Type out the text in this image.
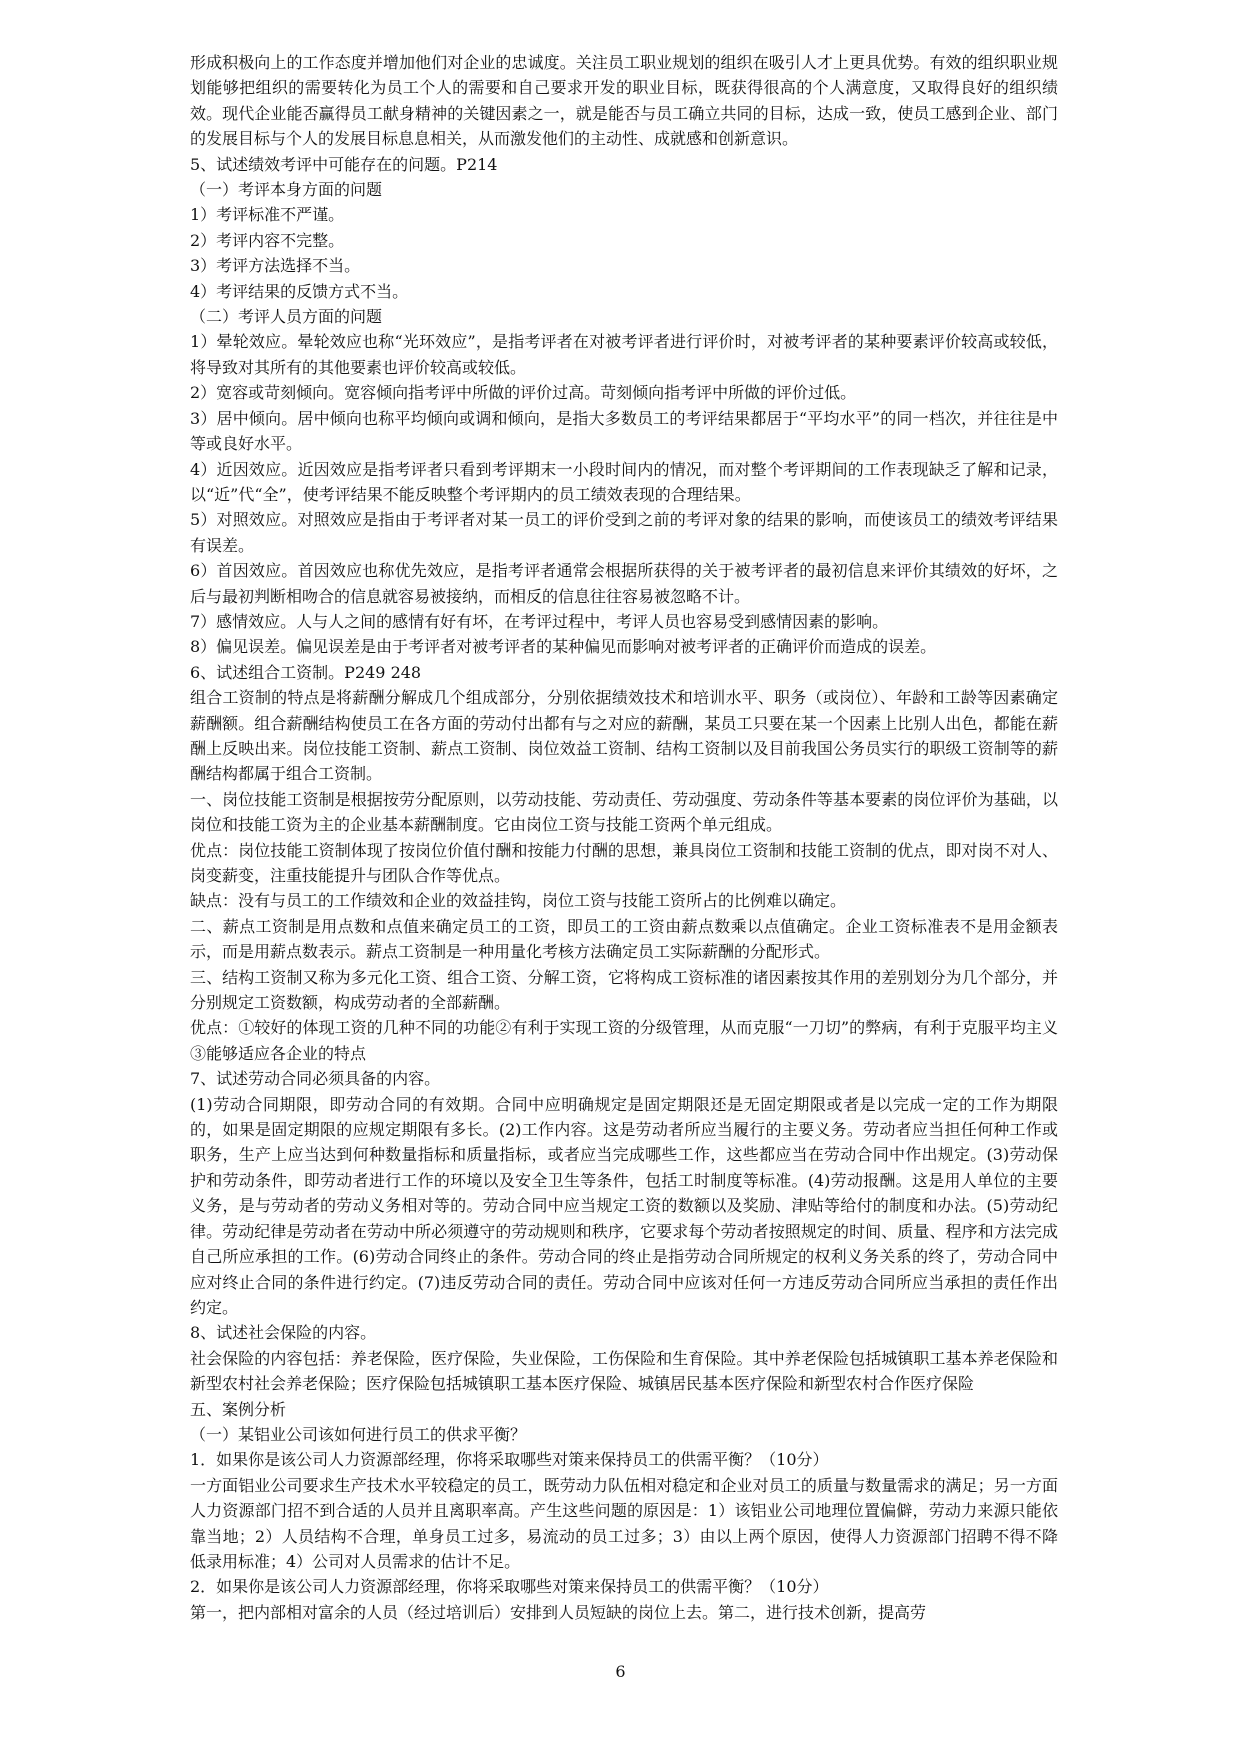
形成积极向上的工作态度并增加他们对企业的忠诚度。关注员工职业规划的组织在吸引人才上更具优势。有效的组织职业规划能够把组织的需要转化为员工个人的需要和自己要求开发的职业目标，既获得很高的个人满意度，又取得良好的组织绩效。现代企业能否赢得员工献身精神的关键因素之一，就是能否与员工确立共同的目标，达成一致，使员工感到企业、部门的发展目标与个人的发展目标息息相关，从而激发他们的主动性、成就感和创新意识。

5、试述绩效考评中可能存在的问题。P214

（一）考评本身方面的问题

1）考评标准不严谨。

2）考评内容不完整。

3）考评方法选择不当。

4）考评结果的反馈方式不当。

（二）考评人员方面的问题

1）晕轮效应。晕轮效应也称“光环效应”，是指考评者在对被考评者进行评价时，对被考评者的某种要素评价较高或较低，将导致对其所有的其他要素也评价较高或较低。

2）宽容或苛刻倾向。宽容倾向指考评中所做的评价过高。苛刻倾向指考评中所做的评价过低。

3）居中倾向。居中倾向也称平均倾向或调和倾向，是指大多数员工的考评结果都居于“平均水平”的同一档次，并往往是中等或良好水平。

4）近因效应。近因效应是指考评者只看到考评期末一小段时间内的情况，而对整个考评期间的工作表现缺乏了解和记录，以“近”代“全”，使考评结果不能反映整个考评期内的员工绩效表现的合理结果。

5）对照效应。对照效应是指由于考评者对某一员工的评价受到之前的考评对象的结果的影响，而使该员工的绩效考评结果有误差。

6）首因效应。首因效应也称优先效应，是指考评者通常会根据所获得的关于被考评者的最初信息来评价其绩效的好坏，之后与最初判断相吻合的信息就容易被接纳，而相反的信息往往容易被忽略不计。

7）感情效应。人与人之间的感情有好有坏，在考评过程中，考评人员也容易受到感情因素的影响。

8）偏见误差。偏见误差是由于考评者对被考评者的某种偏见而影响对被考评者的正确评价而造成的误差。

6、试述组合工资制。P249 248

组合工资制的特点是将薪酬分解成几个组成部分，分别依据绩效技术和培训水平、职务（或岗位）、年龄和工龄等因素确定薪酬额。组合薪酬结构使员工在各方面的劳动付出都有与之对应的薪酬，某员工只要在某一个因素上比别人出色，都能在薪酬上反映出来。岗位技能工资制、薪点工资制、岗位效益工资制、结构工资制以及目前我国公务员实行的职级工资制等的薪酬结构都属于组合工资制。

一、岗位技能工资制是根据按劳分配原则，以劳动技能、劳动责任、劳动强度、劳动条件等基本要素的岗位评价为基础，以岗位和技能工资为主的企业基本薪酬制度。它由岗位工资与技能工资两个单元组成。

优点：岗位技能工资制体现了按岗位价值付酬和按能力付酬的思想，兼具岗位工资制和技能工资制的优点，即对岗不对人、岗变薪变，注重技能提升与团队合作等优点。

缺点：没有与员工的工作绩效和企业的效益挂钩，岗位工资与技能工资所占的比例难以确定。

二、薪点工资制是用点数和点值来确定员工的工资，即员工的工资由薪点数乘以点值确定。企业工资标准表不是用金额表示，而是用薪点数表示。薪点工资制是一种用量化考核方法确定员工实际薪酬的分配形式。

三、结构工资制又称为多元化工资、组合工资、分解工资，它将构成工资标准的诸因素按其作用的差别划分为几个部分，并分别规定工资数额，构成劳动者的全部薪酬。

优点：①较好的体现工资的几种不同的功能②有利于实现工资的分级管理，从而克服“一刀切”的弊病，有利于克服平均主义③能够适应各企业的特点

7、试述劳动合同必须具备的内容。

(1)劳动合同期限，即劳动合同的有效期。合同中应明确规定是固定期限还是无固定期限或者是以完成一定的工作为期限的，如果是固定期限的应规定期限有多长。(2)工作内容。这是劳动者所应当履行的主要义务。劳动者应当担任何种工作或职务，生产上应当达到何种数量指标和质量指标，或者应当完成哪些工作，这些都应当在劳动合同中作出规定。(3)劳动保护和劳动条件，即劳动者进行工作的环境以及安全卫生等条件，包括工时制度等标准。(4)劳动报酬。这是用人单位的主要义务，是与劳动者的劳动义务相对等的。劳动合同中应当规定工资的数额以及奖励、津贴等给付的制度和办法。(5)劳动纪律。劳动纪律是劳动者在劳动中所必须遵守的劳动规则和秩序，它要求每个劳动者按照规定的时间、质量、程序和方法完成自己所应承担的工作。(6)劳动合同终止的条件。劳动合同的终止是指劳动合同所规定的权利义务关系的终了，劳动合同中应对终止合同的条件进行约定。(7)违反劳动合同的责任。劳动合同中应该对任何一方违反劳动合同所应当承担的责任作出约定。

8、试述社会保险的内容。

社会保险的内容包括：养老保险，医疗保险，失业保险，工伤保险和生育保险。其中养老保险包括城镇职工基本养老保险和新型农村社会养老保险；医疗保险包括城镇职工基本医疗保险、城镇居民基本医疗保险和新型农村合作医疗保险

五、案例分析

（一）某铝业公司该如何进行员工的供求平衡？

1．如果你是该公司人力资源部经理，你将采取哪些对策来保持员工的供需平衡？（10分）

一方面铝业公司要求生产技术水平较稳定的员工，既劳动力队伍相对稳定和企业对员工的质量与数量需求的满足；另一方面人力资源部门招不到合适的人员并且离职率高。产生这些问题的原因是：1）该铝业公司地理位置偏僻，劳动力来源只能依靠当地；2）人员结构不合理，单身员工过多，易流动的员工过多；3）由以上两个原因，使得人力资源部门招聘不得不降低录用标准；4）公司对人员需求的估计不足。

2．如果你是该公司人力资源部经理，你将采取哪些对策来保持员工的供需平衡？（10分）

第一，把内部相对富余的人员（经过培训后）安排到人员短缺的岗位上去。第二，进行技术创新，提高劳

6
